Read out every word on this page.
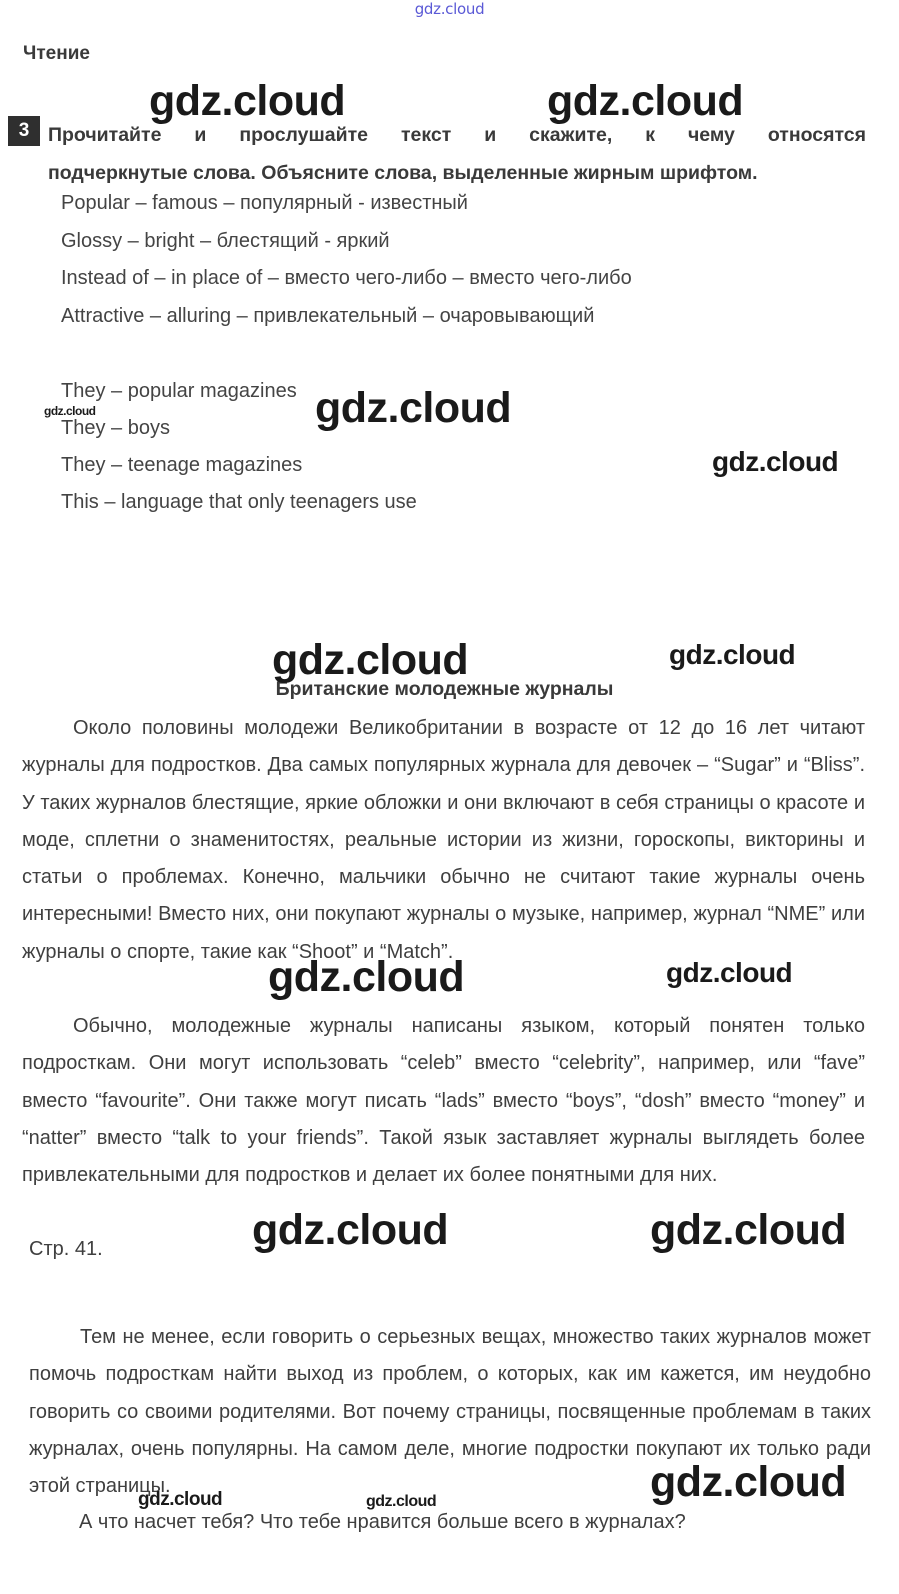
gdz.cloud
Чтение
3 Прочитайте и прослушайте текст и скажите, к чему относятся
подчеркнутые слова. Объясните слова, выделенные жирным шрифтом.
Popular – famous – популярный - известный
Glossy – bright – блестящий - яркий
Instead of – in place of – вместо чего-либо – вместо чего-либо
Attractive – alluring – привлекательный – очаровывающий
They – popular magazines
They – boys
They – teenage magazines
This – language that only teenagers use
Британские молодежные журналы
Около половины молодежи Великобритании в возрасте от 12 до 16 лет читают журналы для подростков. Два самых популярных журнала для девочек – “Sugar” и “Bliss”. У таких журналов блестящие, яркие обложки и они включают в себя страницы о красоте и моде, сплетни о знаменитостях, реальные истории из жизни, гороскопы, викторины и статьи о проблемах. Конечно, мальчики обычно не считают такие журналы очень интересными! Вместо них, они покупают журналы о музыке, например, журнал “NME” или журналы о спорте, такие как “Shoot” и “Match”.
Обычно, молодежные журналы написаны языком, который понятен только подросткам. Они могут использовать “celeb” вместо “celebrity”, например, или “fave” вместо “favourite”. Они также могут писать “lads” вместо “boys”, “dosh” вместо “money” и “natter” вместо “talk to your friends”. Такой язык заставляет журналы выглядеть более привлекательными для подростков и делает их более понятными для них.
Стр. 41.
Тем не менее, если говорить о серьезных вещах, множество таких журналов может помочь подросткам найти выход из проблем, о которых, как им кажется, им неудобно говорить со своими родителями. Вот почему страницы, посвященные проблемам в таких журналах, очень популярны. На самом деле, многие подростки покупают их только ради этой страницы.
А что насчет тебя? Что тебе нравится больше всего в журналах?
gdz.cloud	gdz.cloud
gdz.cloud	gdz.cloud
gdz.cloud
gdz.cloud	gdz.cloud
gdz.cloud	gdz.cloud
gdz.cloud	gdz.cloud
gdz.cloud
gdz.cloud	gdz.cloud
